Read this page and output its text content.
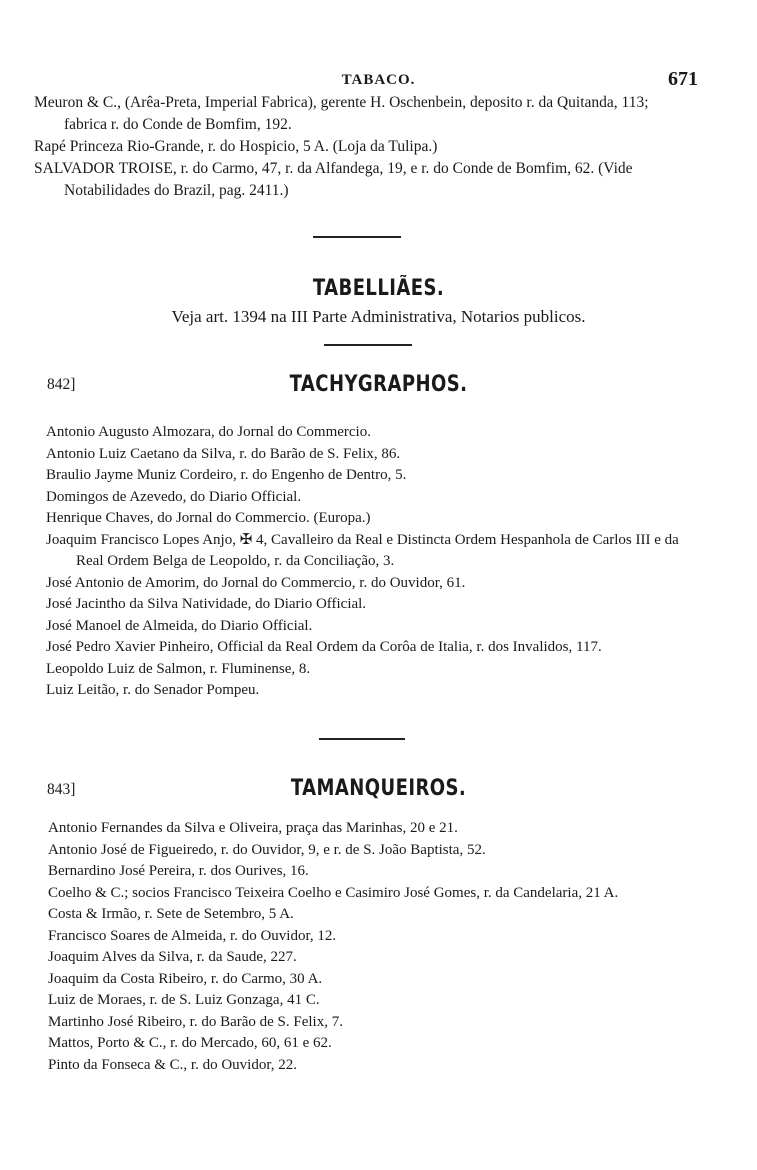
TABACO.	671

Meuron & C., (Arêa-Preta, Imperial Fabrica), gerente H. Oschenbein, deposito r. da Quitanda, 113; fabrica r. do Conde de Bomfim, 192.

Rapé Princeza Rio-Grande, r. do Hospicio, 5 A. (Loja da Tulipa.)

SALVADOR TROISE, r. do Carmo, 47, r. da Alfandega, 19, e r. do Conde de Bomfim, 62. (Vide Notabilidades do Brazil, pag. 2411.)

TABELLIÃES.
Veja art. 1394 na III Parte Administrativa, Notarios publicos.
842]	TACHYGRAPHOS.

Antonio Augusto Almozara, do Jornal do Commercio.

Antonio Luiz Caetano da Silva, r. do Barão de S. Felix, 86.

Braulio Jayme Muniz Cordeiro, r. do Engenho de Dentro, 5.

Domingos de Azevedo, do Diario Official.

Henrique Chaves, do Jornal do Commercio. (Europa.)

Joaquim Francisco Lopes Anjo, ✠ 4, Cavalleiro da Real e Distincta Ordem Hespanhola de Carlos III e da Real Ordem Belga de Leopoldo, r. da Conciliação, 3.

José Antonio de Amorim, do Jornal do Commercio, r. do Ouvidor, 61.

José Jacintho da Silva Natividade, do Diario Official.

José Manoel de Almeida, do Diario Official.

José Pedro Xavier Pinheiro, Official da Real Ordem da Corôa de Italia, r. dos Invalidos, 117.

Leopoldo Luiz de Salmon, r. Fluminense, 8.

Luiz Leitão, r. do Senador Pompeu.

843]	TAMANQUEIROS.

Antonio Fernandes da Silva e Oliveira, praça das Marinhas, 20 e 21.

Antonio José de Figueiredo, r. do Ouvidor, 9, e r. de S. João Baptista, 52.

Bernardino José Pereira, r. dos Ourives, 16.

Coelho & C.; socios Francisco Teixeira Coelho e Casimiro José Gomes, r. da Candelaria, 21 A.

Costa & Irmão, r. Sete de Setembro, 5 A.

Francisco Soares de Almeida, r. do Ouvidor, 12.

Joaquim Alves da Silva, r. da Saude, 227.

Joaquim da Costa Ribeiro, r. do Carmo, 30 A.

Luiz de Moraes, r. de S. Luiz Gonzaga, 41 C.

Martinho José Ribeiro, r. do Barão de S. Felix, 7.

Mattos, Porto & C., r. do Mercado, 60, 61 e 62.

Pinto da Fonseca & C., r. do Ouvidor, 22.
